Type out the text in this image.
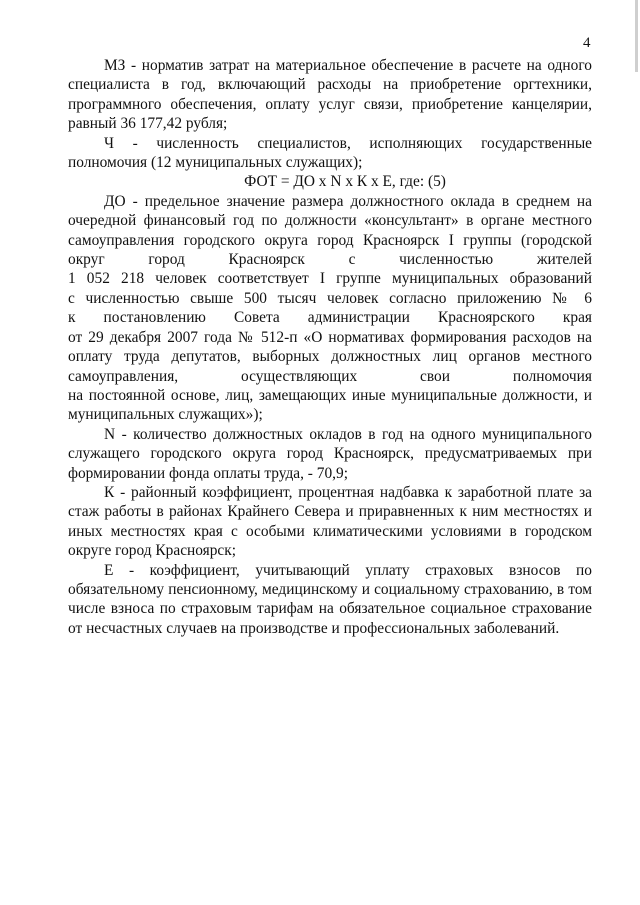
4

МЗ - норматив затрат на материальное обеспечение в расчете на одного

специалиста в год, включающий расходы на приобретение оргтехники,

программного обеспечения, оплату услуг связи, приобретение канцелярии,

равный 36 177,42 рубля;

Ч - численность специалистов, исполняющих государственные

полномочия (12 муниципальных служащих);

ФОТ = ДО х N х К х Е, где: (5)

ДО - предельное значение размера должностного оклада в среднем на

очередной финансовый год по должности «консультант» в органе местного

самоуправления городского округа город Красноярск I группы (городской

округ город Красноярск с численностью жителей

1 052 218 человек соответствует I группе муниципальных образований

с численностью свыше 500 тысяч человек согласно приложению № 6

к постановлению Совета администрации Красноярского края

от 29 декабря 2007 года № 512-п «О нормативах формирования расходов на

оплату труда депутатов, выборных должностных лиц органов местного

самоуправления, осуществляющих свои полномочия

на постоянной основе, лиц, замещающих иные муниципальные должности, и

муниципальных служащих»);

N - количество должностных окладов в год на одного муниципального

служащего городского округа город Красноярск, предусматриваемых при

формировании фонда оплаты труда, - 70,9;

К - районный коэффициент, процентная надбавка к заработной плате за

стаж работы в районах Крайнего Севера и приравненных к ним местностях и

иных местностях края с особыми климатическими условиями в городском

округе город Красноярск;

Е - коэффициент, учитывающий уплату страховых взносов по

обязательному пенсионному, медицинскому и социальному страхованию, в том

числе взноса по страховым тарифам на обязательное социальное страхование

от несчастных случаев на производстве и профессиональных заболеваний.
